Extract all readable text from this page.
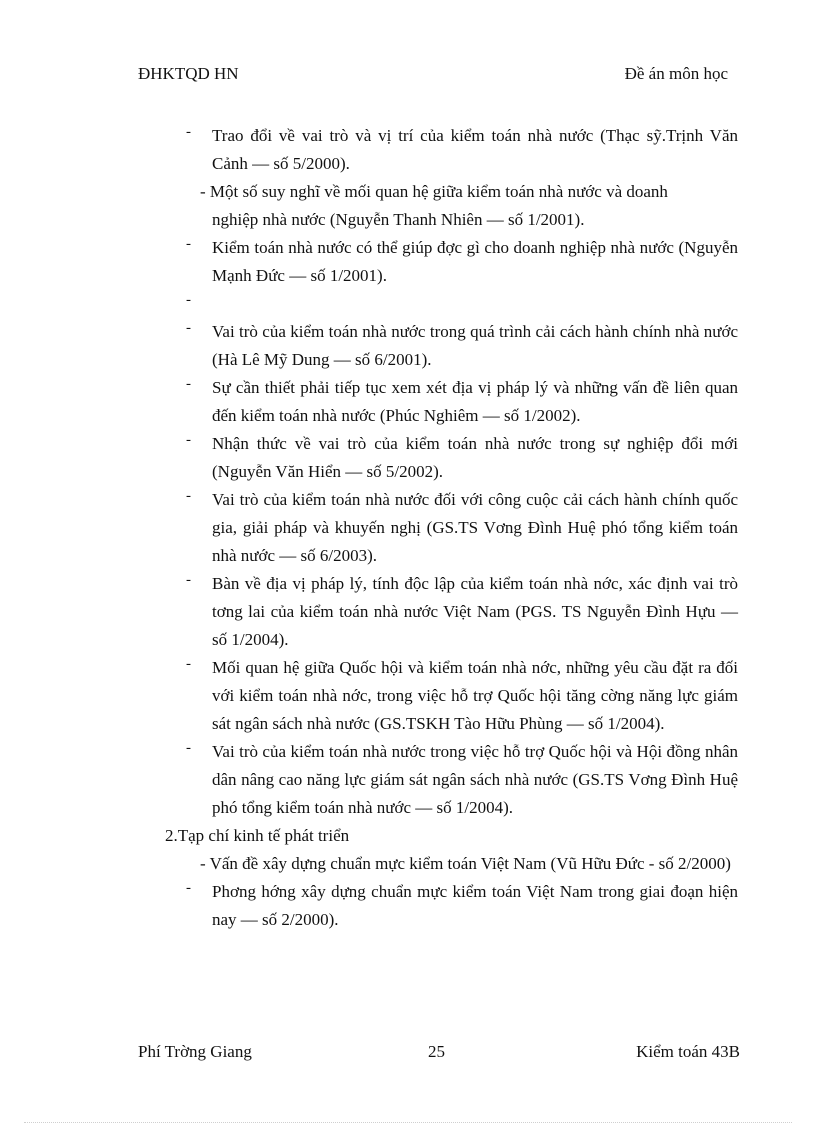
ĐHKTQD HN	Đề án môn học
- Trao đổi về vai trò và vị trí của kiểm toán nhà nước (Thạc sỹ.Trịnh Văn Cảnh — số 5/2000).
- Một số suy nghĩ về mối quan hệ giữa kiểm toán nhà nước và doanh
nghiệp nhà nước (Nguyễn Thanh Nhiên — số 1/2001).
- Kiểm toán nhà nước có thể giúp đợc gì cho doanh nghiệp nhà nước (Nguyễn Mạnh Đức — số 1/2001).
-
- Vai trò của kiểm toán nhà nước trong quá trình cải cách hành chính nhà nước (Hà Lê Mỹ Dung — số 6/2001).
- Sự cần thiết phải tiếp tục xem xét địa vị pháp lý và những vấn đề liên quan đến kiểm toán nhà nước (Phúc Nghiêm — số 1/2002).
- Nhận thức về vai trò của kiểm toán nhà nước trong sự nghiệp đổi mới (Nguyễn Văn Hiển — số 5/2002).
- Vai trò của kiểm toán nhà nước đối với công cuộc cải cách hành chính quốc gia, giải pháp và khuyến nghị (GS.TS Vơng Đình Huệ phó tổng kiểm toán nhà nước — số 6/2003).
- Bàn về địa vị pháp lý, tính độc lập của kiểm toán nhà nớc, xác định vai trò tơng lai của kiểm toán nhà nước Việt Nam (PGS. TS Nguyễn Đình Hựu — số 1/2004).
- Mối quan hệ giữa Quốc hội và kiểm toán nhà nớc, những yêu cầu đặt ra đối với kiểm toán nhà nớc, trong việc hỗ trợ Quốc hội tăng cờng năng lực giám sát ngân sách nhà nước (GS.TSKH Tào Hữu Phùng — số 1/2004).
- Vai trò của kiểm toán nhà nước trong việc hỗ trợ Quốc hội và Hội đồng nhân dân nâng cao năng lực giám sát ngân sách nhà nước (GS.TS Vơng Đình Huệ phó tổng kiểm toán nhà nước — số 1/2004).
2.Tạp chí kinh tế phát triển
- Vấn đề xây dựng chuẩn mực kiểm toán Việt Nam (Vũ Hữu Đức - số 2/2000)
- Phơng hớng xây dựng chuẩn mực kiểm toán Việt Nam trong giai đoạn hiện nay — số 2/2000).
Phí Trờng Giang	25	Kiểm toán 43B
